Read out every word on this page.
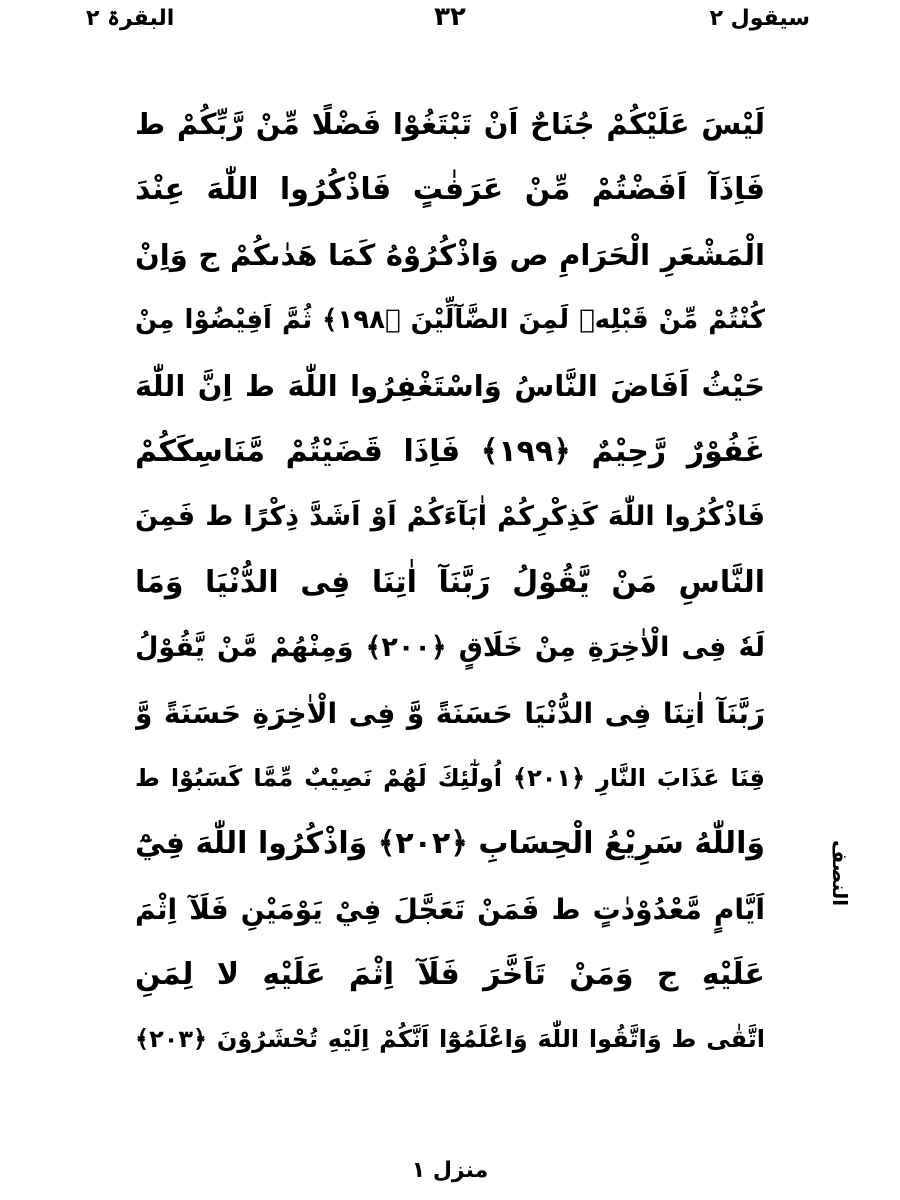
البقرۃ ٢	٣٢	سیقول ٢
لَيْسَ عَلَيْكُمْ جُنَاحٌ اَنْ تَبْتَغُوْا فَضْلًا مِّنْ رَّبِّكُمْ ط
فَاِذَآ اَفَضْتُمْ مِّنْ عَرَفٰتٍ فَاذْكُرُوا اللّٰهَ عِنْدَ
الْمَشْعَرِ الْحَرَامِ ص وَاذْكُرُوْهُ كَمَا هَدٰىكُمْ ج وَاِنْ
كُنْتُمْ مِّنْ قَبْلِهٖ لَمِنَ الضَّآلِّيْنَ ﴿١٩٨﴾ ثُمَّ اَفِيْضُوْا مِنْ
حَيْثُ اَفَاضَ النَّاسُ وَاسْتَغْفِرُوا اللّٰهَ ط اِنَّ اللّٰهَ
غَفُوْرٌ رَّحِيْمٌ ﴿١٩٩﴾ فَاِذَا قَضَيْتُمْ مَّنَاسِكَكُمْ
فَاذْكُرُوا اللّٰهَ كَذِكْرِكُمْ اٰبَآءَكُمْ اَوْ اَشَدَّ ذِكْرًا ط فَمِنَ
النَّاسِ مَنْ يَّقُوْلُ رَبَّنَآ اٰتِنَا فِى الدُّنْيَا وَمَا
لَهٗ فِى الْاٰخِرَةِ مِنْ خَلَاقٍ ﴿٢٠٠﴾ وَمِنْهُمْ مَّنْ يَّقُوْلُ
رَبَّنَآ اٰتِنَا فِى الدُّنْيَا حَسَنَةً وَّ فِى الْاٰخِرَةِ حَسَنَةً وَّ
قِنَا عَذَابَ النَّارِ ﴿٢٠١﴾ اُولٰٓئِكَ لَهُمْ نَصِيْبٌ مِّمَّا كَسَبُوْا ط
وَاللّٰهُ سَرِيْعُ الْحِسَابِ ﴿٢٠٢﴾ وَاذْكُرُوا اللّٰهَ فِيْٓ
اَيَّامٍ مَّعْدُوْدٰتٍ ط فَمَنْ تَعَجَّلَ فِيْ يَوْمَيْنِ فَلَآ اِثْمَ
عَلَيْهِ ج وَمَنْ تَاَخَّرَ فَلَآ اِثْمَ عَلَيْهِ لا لِمَنِ
اتَّقٰى ط وَاتَّقُوا اللّٰهَ وَاعْلَمُوْٓا اَنَّكُمْ اِلَيْهِ تُحْشَرُوْنَ ﴿٢٠٣﴾
النصف
منزل ١
